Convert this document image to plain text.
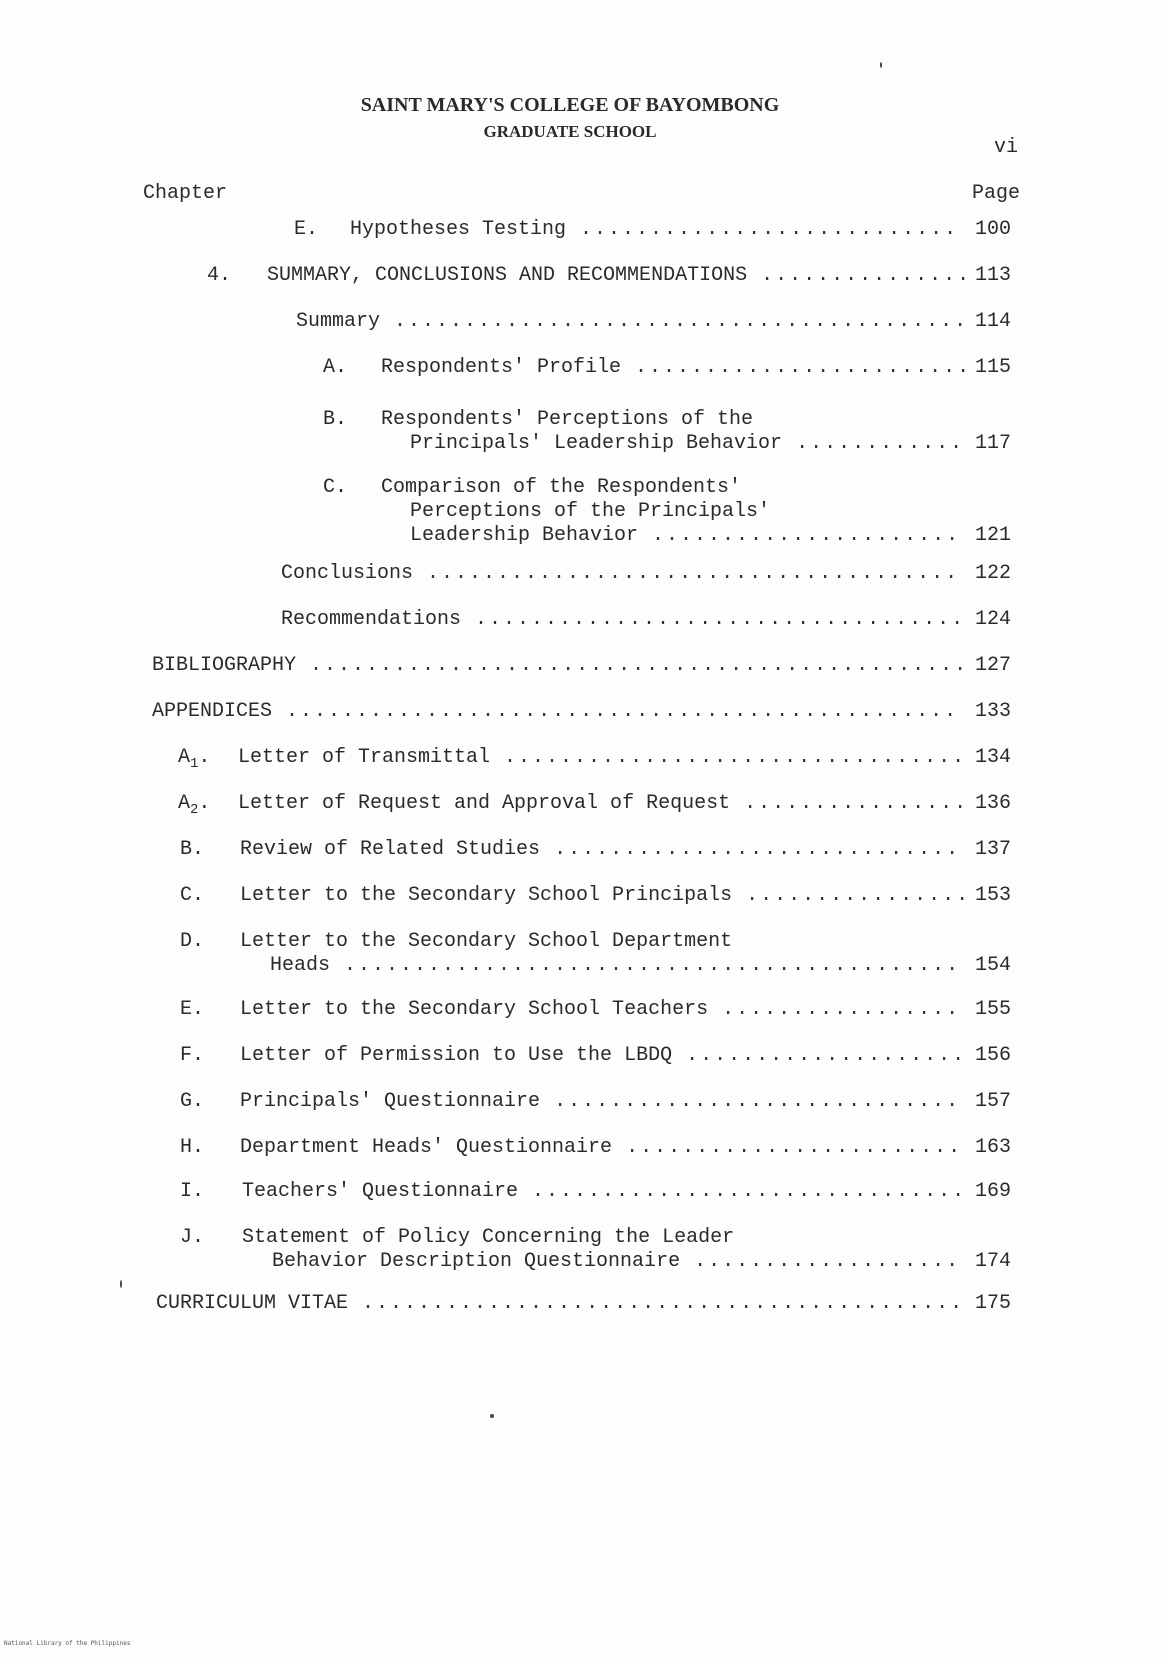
SAINT MARY'S COLLEGE OF BAYOMBONG
GRADUATE SCHOOL
vi
Chapter	Page
E. Hypotheses Testing ........................... 100
4. SUMMARY, CONCLUSIONS AND RECOMMENDATIONS ............... 113
Summary ......................................... 114
A. Respondents' Profile ........................ 115
B. Respondents' Perceptions of the
Principals' Leadership Behavior ............ 117
C. Comparison of the Respondents'
Perceptions of the Principals'
Leadership Behavior ...................... 121
Conclusions ...................................... 122
Recommendations ................................... 124
BIBLIOGRAPHY ............................................... 127
APPENDICES ................................................ 133
$A_1$. Letter of Transmittal ................................. 134
$A_2$. Letter of Request and Approval of Request ................ 136
B. Review of Related Studies ............................. 137
C. Letter to the Secondary School Principals ................ 153
D. Letter to the Secondary School Department
Heads ............................................ 154
E. Letter to the Secondary School Teachers ................. 155
F. Letter of Permission to Use the LBDQ .................... 156
G. Principals' Questionnaire ............................. 157
H. Department Heads' Questionnaire ........................ 163
I. Teachers' Questionnaire ............................... 169
J. Statement of Policy Concerning the Leader
Behavior Description Questionnaire ................... 174
CURRICULUM VITAE ........................................... 175
National Library of the Philippines
